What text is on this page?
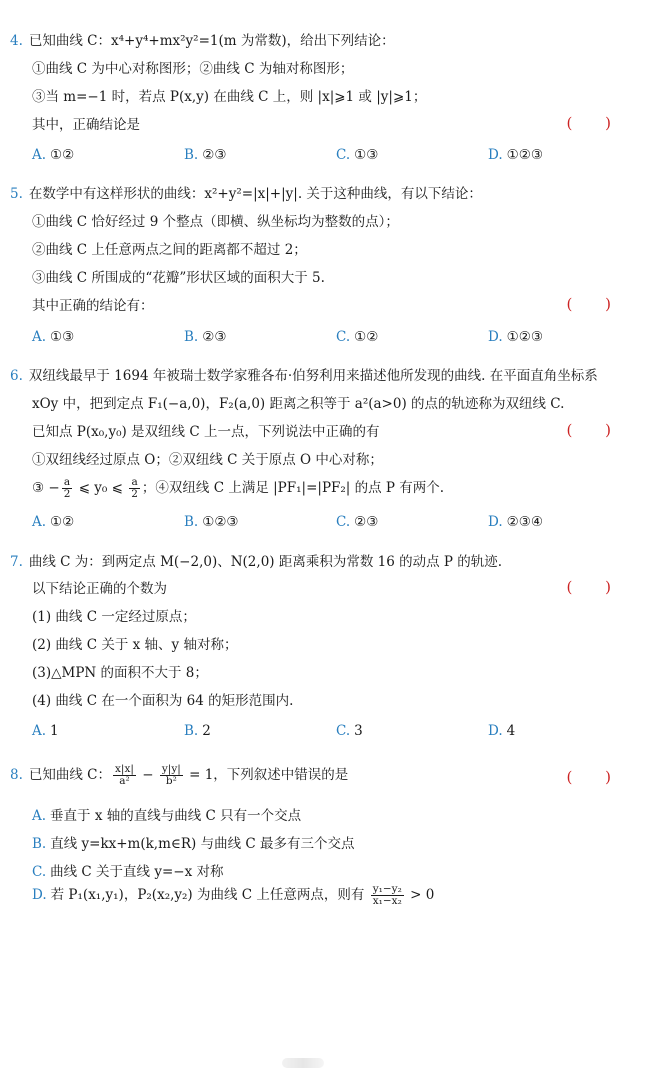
4. 已知曲线 C：x⁴+y⁴+mx²y²=1(m 为常数)，给出下列结论：
①曲线 C 为中心对称图形；②曲线 C 为轴对称图形；
③当 m=−1 时，若点 P(x,y) 在曲线 C 上，则 |x|⩾1 或 |y|⩾1；
其中，正确结论是	( )
A. ①②	B. ②③	C. ①③	D. ①②③
5. 在数学中有这样形状的曲线：x²+y²=|x|+|y|. 关于这种曲线，有以下结论：
①曲线 C 恰好经过 9 个整点（即横、纵坐标均为整数的点）；
②曲线 C 上任意两点之间的距离都不超过 2；
③曲线 C 所围成的“花瓣”形状区域的面积大于 5.
其中正确的结论有：	( )
A. ①③	B. ②③	C. ①②	D. ①②③
6. 双纽线最早于 1694 年被瑞士数学家雅各布·伯努利用来描述他所发现的曲线. 在平面直角坐标系
xOy 中，把到定点 F₁(−a,0)，F₂(a,0) 距离之积等于 a²(a>0) 的点的轨迹称为双纽线 C.
已知点 P(x₀,y₀) 是双纽线 C 上一点，下列说法中正确的有	( )
①双纽线经过原点 O；②双纽线 C 关于原点 O 中心对称；
③ − $\frac{a}{2}$ ⩽ y₀ ⩽ $\frac{a}{2}$ ；④双纽线 C 上满足 |PF₁|=|PF₂| 的点 P 有两个.
A. ①②	B. ①②③	C. ②③	D. ②③④
7. 曲线 C 为：到两定点 M(−2,0)、N(2,0) 距离乘积为常数 16 的动点 P 的轨迹.
以下结论正确的个数为	( )
(1) 曲线 C 一定经过原点；
(2) 曲线 C 关于 x 轴、y 轴对称；
(3)△MPN 的面积不大于 8；
(4) 曲线 C 在一个面积为 64 的矩形范围内.
A. 1	B. 2	C. 3	D. 4
8. 已知曲线 C： $\frac{x|x|}{\text{a²}} - \frac{y|y|}{\text{b²}} = 1$，下列叙述中错误的是	( )
A. 垂直于 x 轴的直线与曲线 C 只有一个交点
B. 直线 y=kx+m(k,m∈R) 与曲线 C 最多有三个交点
C. 曲线 C 关于直线 y=−x 对称
D. 若 P₁(x₁,y₁)，P₂(x₂,y₂) 为曲线 C 上任意两点，则有 $\frac{\text{y₁−y₂}}{\text{x₁−x₂}} > 0$
